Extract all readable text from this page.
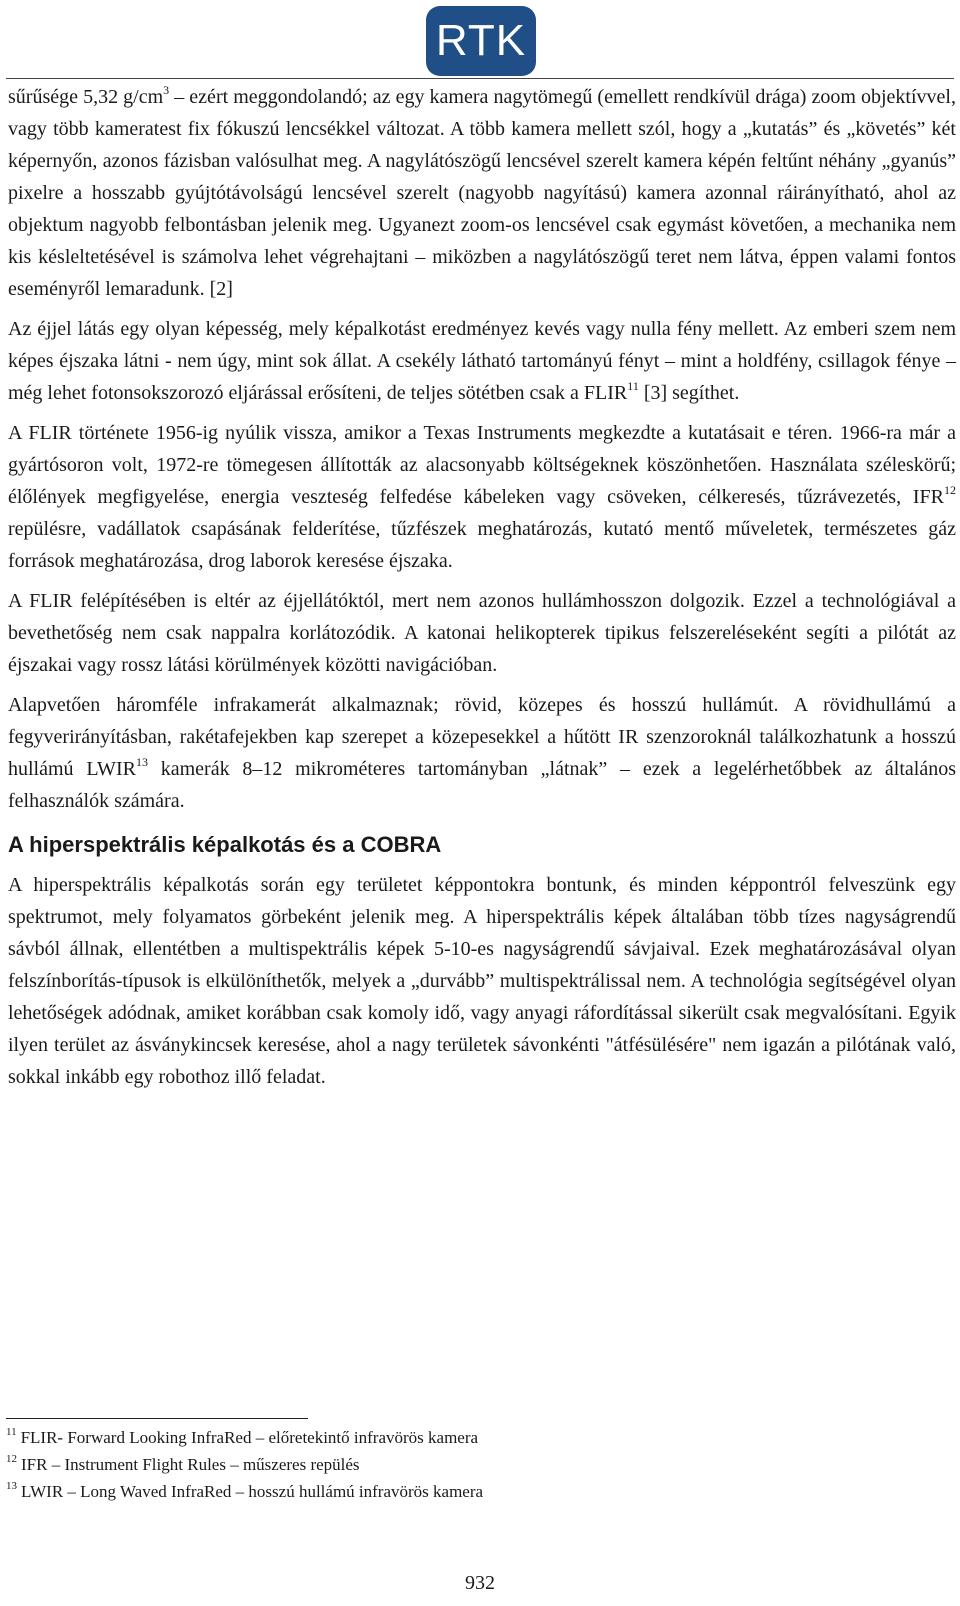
RTK

sűrűsége 5,32 $g/cm^3$ – ezért meggondolandó; az egy kamera nagytömegű (emellett rendkívül drága) zoom objektívvel, vagy több kameratest fix fókuszú lencsékkel változat. A több kamera mellett szól, hogy a „kutatás” és „követés” két képernyőn, azonos fázisban valósulhat meg. A nagylátószögű lencsével szerelt kamera képén feltűnt néhány „gyanús” pixelre a hosszabb gyújtótávolságú lencsével szerelt (nagyobb nagyítású) kamera azonnal ráirányítható, ahol az objektum nagyobb felbontásban jelenik meg. Ugyanezt zoom-os lencsével csak egymást követően, a mechanika nem kis késleltetésével is számolva lehet végrehajtani – miközben a nagylátószögű teret nem látva, éppen valami fontos eseményről lemaradunk. [2]

Az éjjel látás egy olyan képesség, mely képalkotást eredményez kevés vagy nulla fény mellett. Az emberi szem nem képes éjszaka látni - nem úgy, mint sok állat. A csekély látható tartományú fényt – mint a holdfény, csillagok fénye – még lehet fotonsokszorozó eljárással erősíteni, de teljes sötétben csak a FLIR$^{11}$ [3] segíthet.

A FLIR története 1956-ig nyúlik vissza, amikor a Texas Instruments megkezdte a kutatásait e téren. 1966-ra már a gyártósoron volt, 1972-re tömegesen állították az alacsonyabb költségeknek köszönhetően. Használata széleskörű; élőlények megfigyelése, energia veszteség felfedése kábeleken vagy csöveken, célkeresés, tűzrávezetés, IFR$^{12}$ repülésre, vadállatok csapásának felderítése, tűzfészek meghatározás, kutató mentő műveletek, természetes gáz források meghatározása, drog laborok keresése éjszaka.

A FLIR felépítésében is eltér az éjjellátóktól, mert nem azonos hullámhosszon dolgozik. Ezzel a technológiával a bevethetőség nem csak nappalra korlátozódik. A katonai helikopterek tipikus felszereléseként segíti a pilótát az éjszakai vagy rossz látási körülmények közötti navigációban.

Alapvetően háromféle infrakamerát alkalmaznak; rövid, közepes és hosszú hullámút. A rövidhullámú a fegyverirányításban, rakétafejekben kap szerepet a közepesekkel a hűtött IR szenzoroknál találkozhatunk a hosszú hullámú LWIR$^{13}$ kamerák 8–12 mikrométeres tartományban „látnak” – ezek a legelérhetőbbek az általános felhasználók számára.

A hiperspektrális képalkotás és a COBRA

A hiperspektrális képalkotás során egy területet képpontokra bontunk, és minden képpontról felveszünk egy spektrumot, mely folyamatos görbeként jelenik meg. A hiperspektrális képek általában több tízes nagyságrendű sávból állnak, ellentétben a multispektrális képek 5-10-es nagyságrendű sávjaival. Ezek meghatározásával olyan felszínborítás-típusok is elkülöníthetők, melyek a „durvább” multispektrálissal nem. A technológia segítségével olyan lehetőségek adódnak, amiket korábban csak komoly idő, vagy anyagi ráfordítással sikerült csak megvalósítani. Egyik ilyen terület az ásványkincsek keresése, ahol a nagy területek sávonkénti "átfésülésére" nem igazán a pilótának való, sokkal inkább egy robothoz illő feladat.

$^{11}$ FLIR- Forward Looking InfraRed – előretekintő infravörös kamera

$^{12}$ IFR – Instrument Flight Rules – műszeres repülés

$^{13}$ LWIR – Long Waved InfraRed – hosszú hullámú infravörös kamera

932
